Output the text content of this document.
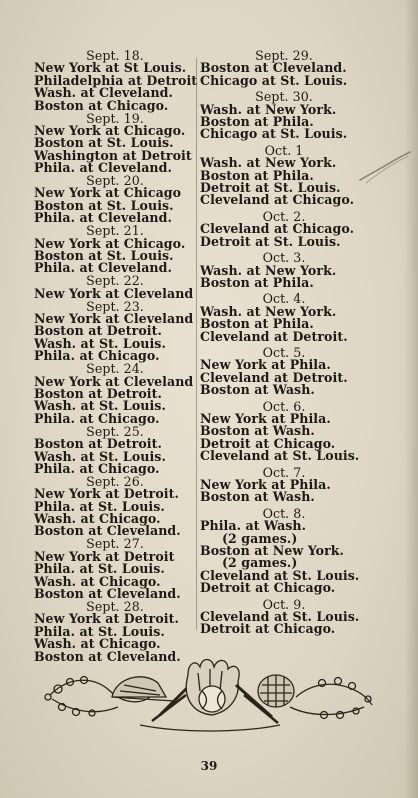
Sept. 18.
New York at St Louis.
Philadelphia at Detroit
Wash. at Cleveland.
Boston at Chicago.
Sept. 19.
New York at Chicago.
Boston at St. Louis.
Washington at Detroit
Phila. at Cleveland.
Sept. 20.
New York at Chicago
Boston at St. Louis.
Phila. at Cleveland.
Sept. 21.
New York at Chicago.
Boston at St. Louis.
Phila. at Cleveland.
Sept. 22.
New York at Cleveland
Sept. 23.
New York at Cleveland
Boston at Detroit.
Wash. at St. Louis.
Phila. at Chicago.
Sept. 24.
New York at Cleveland
Boston at Detroit.
Wash. at St. Louis.
Phila. at Chicago.
Sept. 25.
Boston at Detroit.
Wash. at St. Louis.
Phila. at Chicago.
Sept. 26.
New York at Detroit.
Phila. at St. Louis.
Wash. at Chicago.
Boston at Cleveland.
Sept. 27.
New York at Detroit
Phila. at St. Louis.
Wash. at Chicago.
Boston at Cleveland.
Sept. 28.
New York at Detroit.
Phila. at St. Louis.
Wash. at Chicago.
Boston at Cleveland.
Sept. 29.
Boston at Cleveland.
Chicago at St. Louis.
Sept. 30.
Wash. at New York.
Boston at Phila.
Chicago at St. Louis.
Oct. 1
Wash. at New York.
Boston at Phila.
Detroit at St. Louis.
Cleveland at Chicago.
Oct. 2.
Cleveland at Chicago.
Detroit at St. Louis.
Oct. 3.
Wash. at New York.
Boston at Phila.
Oct. 4.
Wash. at New York.
Boston at Phila.
Cleveland at Detroit.
Oct. 5.
New York at Phila.
Cleveland at Detroit.
Boston at Wash.
Oct. 6.
New York at Phila.
Boston at Wash.
Detroit at Chicago.
Cleveland at St. Louis.
Oct. 7.
New York at Phila.
Boston at Wash.
Oct. 8.
Phila. at Wash.
(2 games.)
Boston at New York.
(2 games.)
Cleveland at St. Louis.
Detroit at Chicago.
Oct. 9.
Cleveland at St. Louis.
Detroit at Chicago.
39
